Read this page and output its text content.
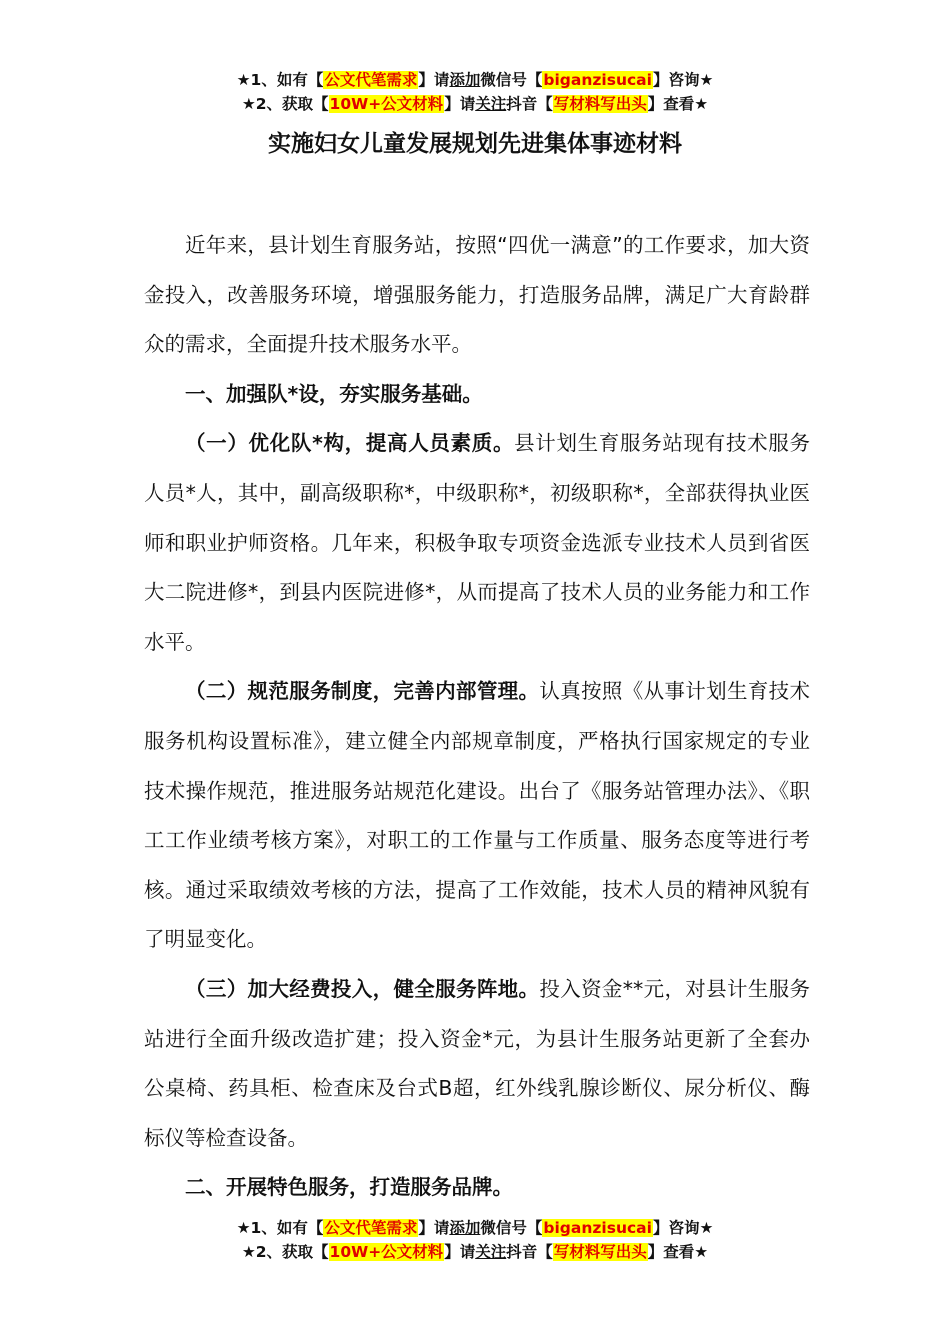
★1、如有【公文代笔需求】请添加微信号【biganzisucai】咨询★
★2、获取【10W+公文材料】请关注抖音【写材料写出头】查看★
实施妇女儿童发展规划先进集体事迹材料

近年来，县计划生育服务站，按照“四优一满意”的工作要求，加大资金投入，改善服务环境，增强服务能力，打造服务品牌，满足广大育龄群众的需求，全面提升技术服务水平。

一、加强队*设，夯实服务基础。

（一）优化队*构，提高人员素质。县计划生育服务站现有技术服务人员*人，其中，副高级职称*，中级职称*，初级职称*，全部获得执业医师和职业护师资格。几年来，积极争取专项资金选派专业技术人员到省医大二院进修*，到县内医院进修*，从而提高了技术人员的业务能力和工作水平。

（二）规范服务制度，完善内部管理。认真按照《从事计划生育技术服务机构设置标准》，建立健全内部规章制度，严格执行国家规定的专业技术操作规范，推进服务站规范化建设。出台了《服务站管理办法》、《职工工作业绩考核方案》，对职工的工作量与工作质量、服务态度等进行考核。通过采取绩效考核的方法，提高了工作效能，技术人员的精神风貌有了明显变化。

（三）加大经费投入，健全服务阵地。投入资金**元，对县计生服务站进行全面升级改造扩建；投入资金*元，为县计生服务站更新了全套办公桌椅、药具柜、检查床及台式B超，红外线乳腺诊断仪、尿分析仪、酶标仪等检查设备。

二、开展特色服务，打造服务品牌。

★1、如有【公文代笔需求】请添加微信号【biganzisucai】咨询★
★2、获取【10W+公文材料】请关注抖音【写材料写出头】查看★
